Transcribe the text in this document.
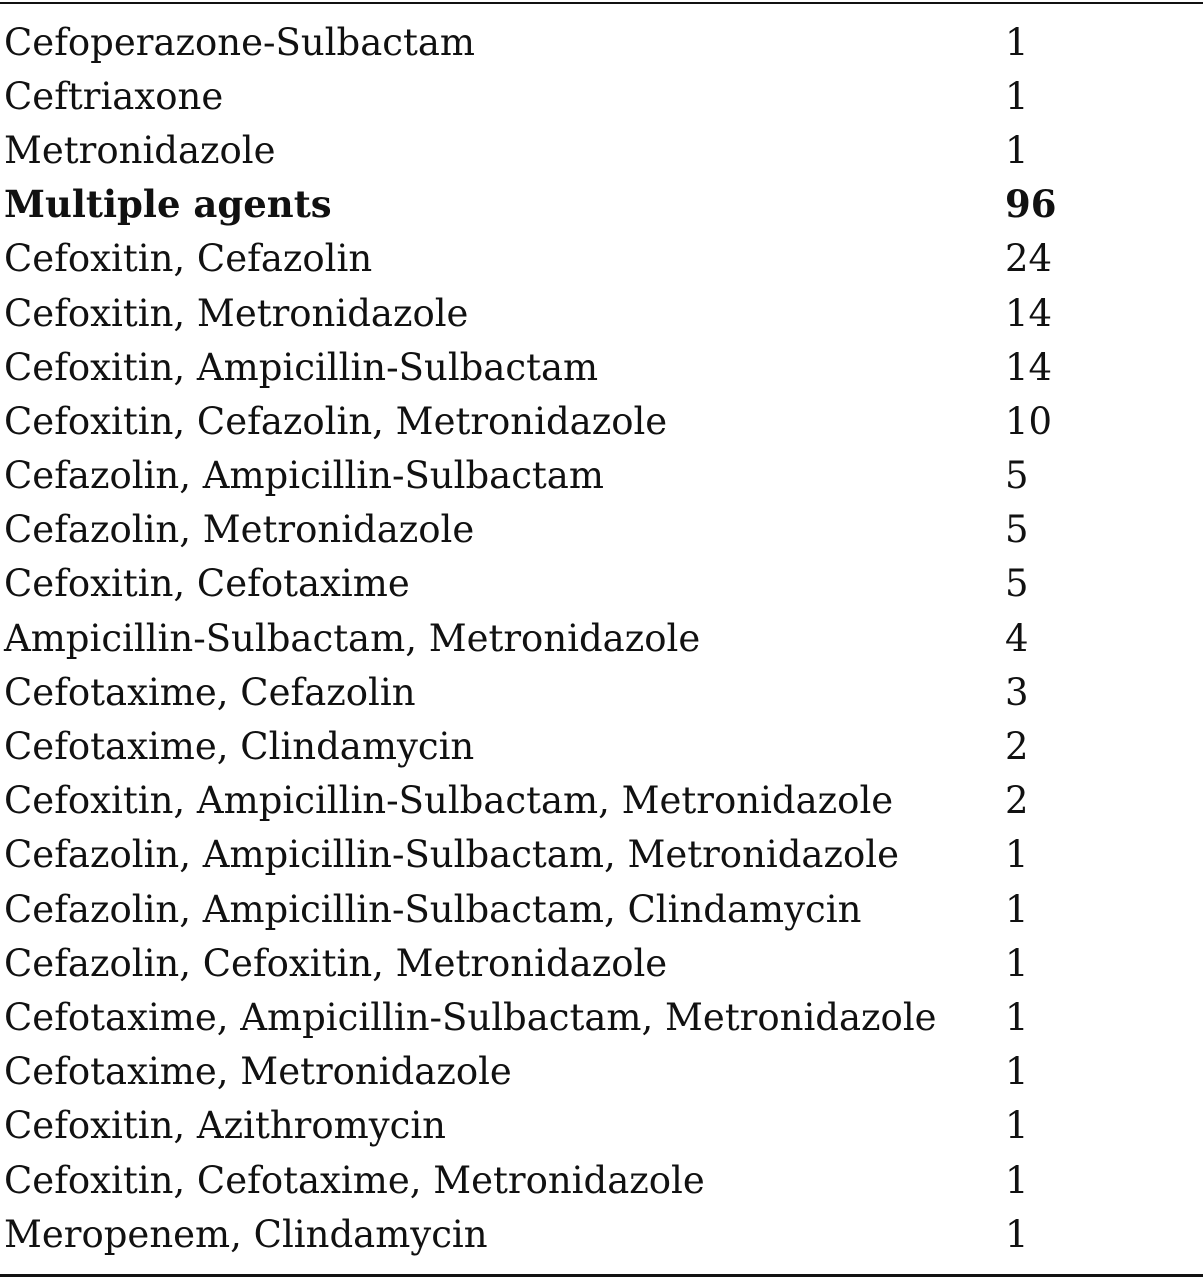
Cefoperazone-Sulbactam	1
Ceftriaxone	1
Metronidazole	1
Multiple agents	96
Cefoxitin, Cefazolin	24
Cefoxitin, Metronidazole	14
Cefoxitin, Ampicillin-Sulbactam	14
Cefoxitin, Cefazolin, Metronidazole	10
Cefazolin, Ampicillin-Sulbactam	5
Cefazolin, Metronidazole	5
Cefoxitin, Cefotaxime	5
Ampicillin-Sulbactam, Metronidazole	4
Cefotaxime, Cefazolin	3
Cefotaxime, Clindamycin	2
Cefoxitin, Ampicillin-Sulbactam, Metronidazole	2
Cefazolin, Ampicillin-Sulbactam, Metronidazole	1
Cefazolin, Ampicillin-Sulbactam, Clindamycin	1
Cefazolin, Cefoxitin, Metronidazole	1
Cefotaxime, Ampicillin-Sulbactam, Metronidazole	1
Cefotaxime, Metronidazole	1
Cefoxitin, Azithromycin	1
Cefoxitin, Cefotaxime, Metronidazole	1
Meropenem, Clindamycin	1
